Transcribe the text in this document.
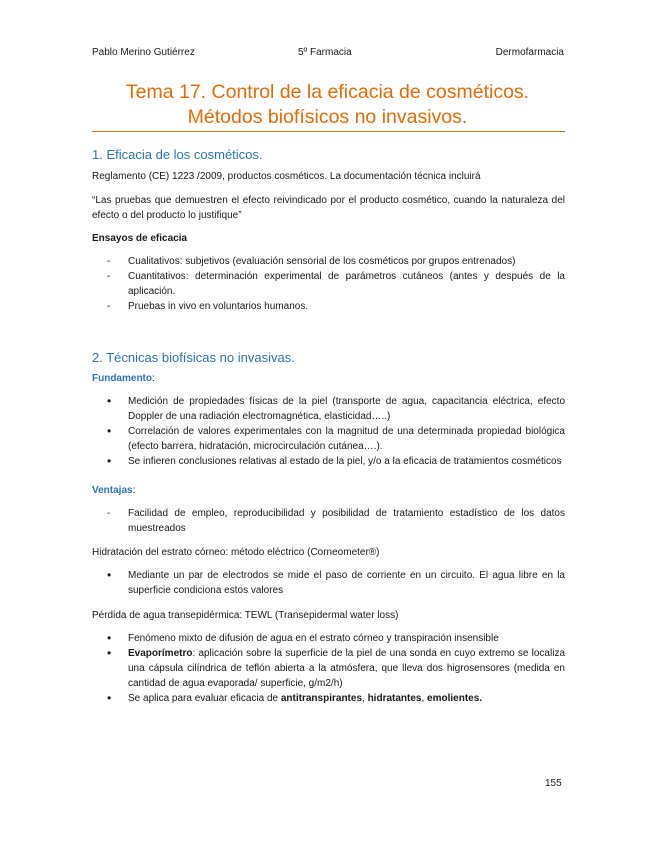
Pablo Merino Gutiérrez	5º Farmacia	Dermofarmacia
Tema 17. Control de la eficacia de cosméticos.
Métodos biofísicos no invasivos.

1. Eficacia de los cosméticos.

Reglamento (CE) 1223 /2009, productos cosméticos. La documentación técnica incluirá

“Las pruebas que demuestren el efecto reivindicado por el producto cosmético, cuando la naturaleza del efecto o del producto lo justifique”

Ensayos de eficacia

- Cualitativos: subjetivos (evaluación sensorial de los cosméticos por grupos entrenados)
- Cuantitativos: determinación experimental de parámetros cutáneos (antes y después de la aplicación.
- Pruebas in vivo en voluntarios humanos.

2. Técnicas biofísicas no invasivas.

Fundamento:

• Medición de propiedades físicas de la piel (transporte de agua, capacitancia eléctrica, efecto Doppler de una radiación electromagnética, elasticidad…..)
• Correlación de valores experimentales con la magnitud de una determinada propiedad biológica (efecto barrera, hidratación, microcirculación cutánea….).
• Se infieren conclusiones relativas al estado de la piel, y/o a la eficacia de tratamientos cosméticos

Ventajas:

- Facilidad de empleo, reproducibilidad y posibilidad de tratamiento estadístico de los datos muestreados

Hidratación del estrato córneo: método eléctrico (Corneometer®)

• Mediante un par de electrodos se mide el paso de corriente en un circuito. El agua libre en la superficie condiciona estos valores

Pérdida de agua transepidérmica: TEWL (Transepidermal water loss)

• Fenómeno mixto de difusión de agua en el estrato córneo y transpiración insensible
• Evaporímetro: aplicación sobre la superficie de la piel de una sonda en cuyo extremo se localiza una cápsula cilíndrica de teflón abierta a la atmósfera, que lleva dos higrosensores (medida en cantidad de agua evaporada/ superficie, g/m2/h)
• Se aplica para evaluar eficacia de antitranspirantes, hidratantes, emolientes.
155
